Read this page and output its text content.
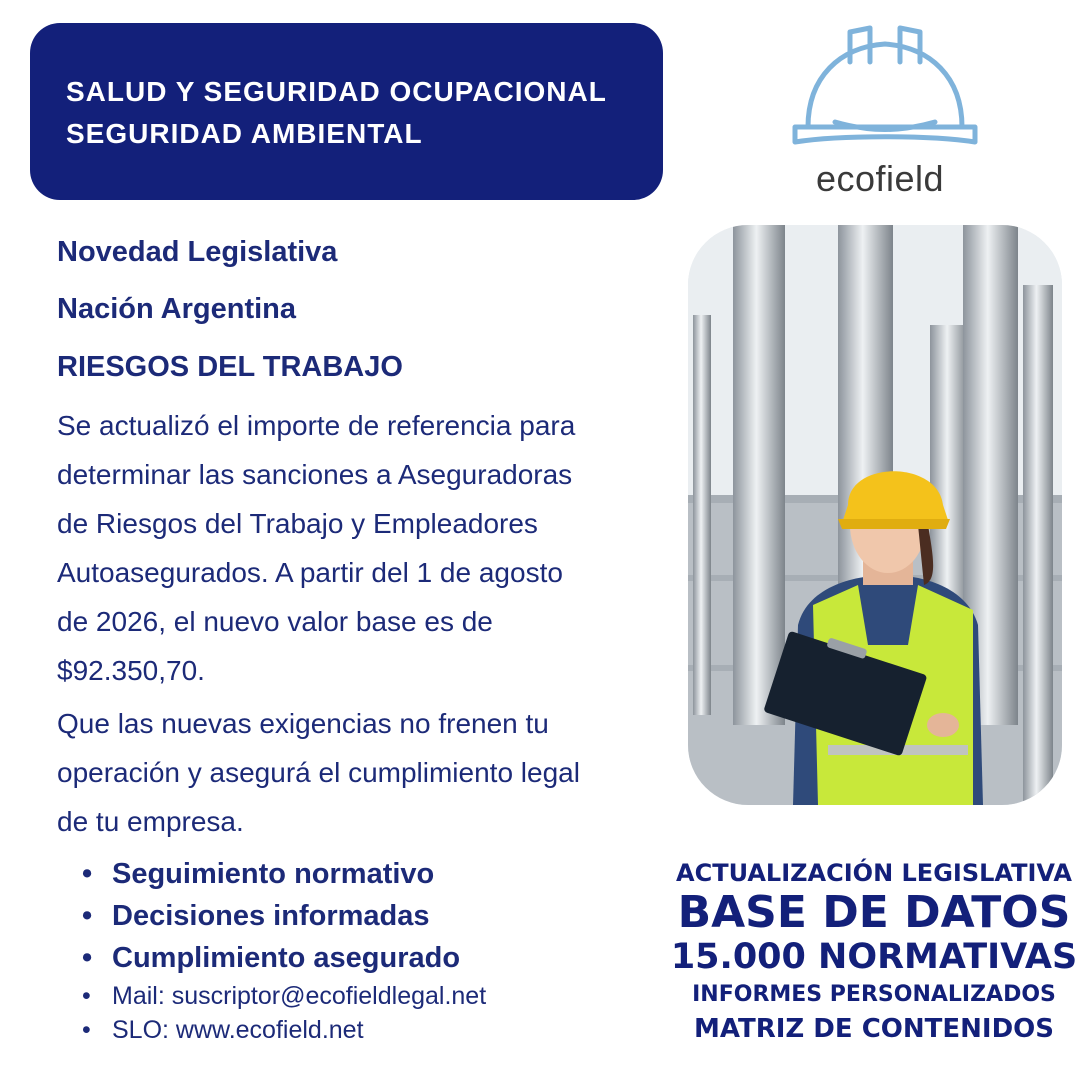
SALUD Y SEGURIDAD OCUPACIONAL
SEGURIDAD AMBIENTAL
ecofield
Novedad Legislativa
Nación Argentina
RIESGOS DEL TRABAJO
Se actualizó el importe de referencia para
determinar las sanciones a Aseguradoras
de Riesgos del Trabajo y Empleadores
Autoasegurados. A partir del 1 de agosto
de 2026, el nuevo valor base es de
$92.350,70.
Que las nuevas exigencias no frenen tu
operación y asegurá el cumplimiento legal
de tu empresa.
• Seguimiento normativo
• Decisiones informadas
• Cumplimiento asegurado
• Mail: suscriptor@ecofieldlegal.net
• SLO: www.ecofield.net
ACTUALIZACIÓN LEGISLATIVA
BASE DE DATOS
15.000 NORMATIVAS
INFORMES PERSONALIZADOS
MATRIZ DE CONTENIDOS
